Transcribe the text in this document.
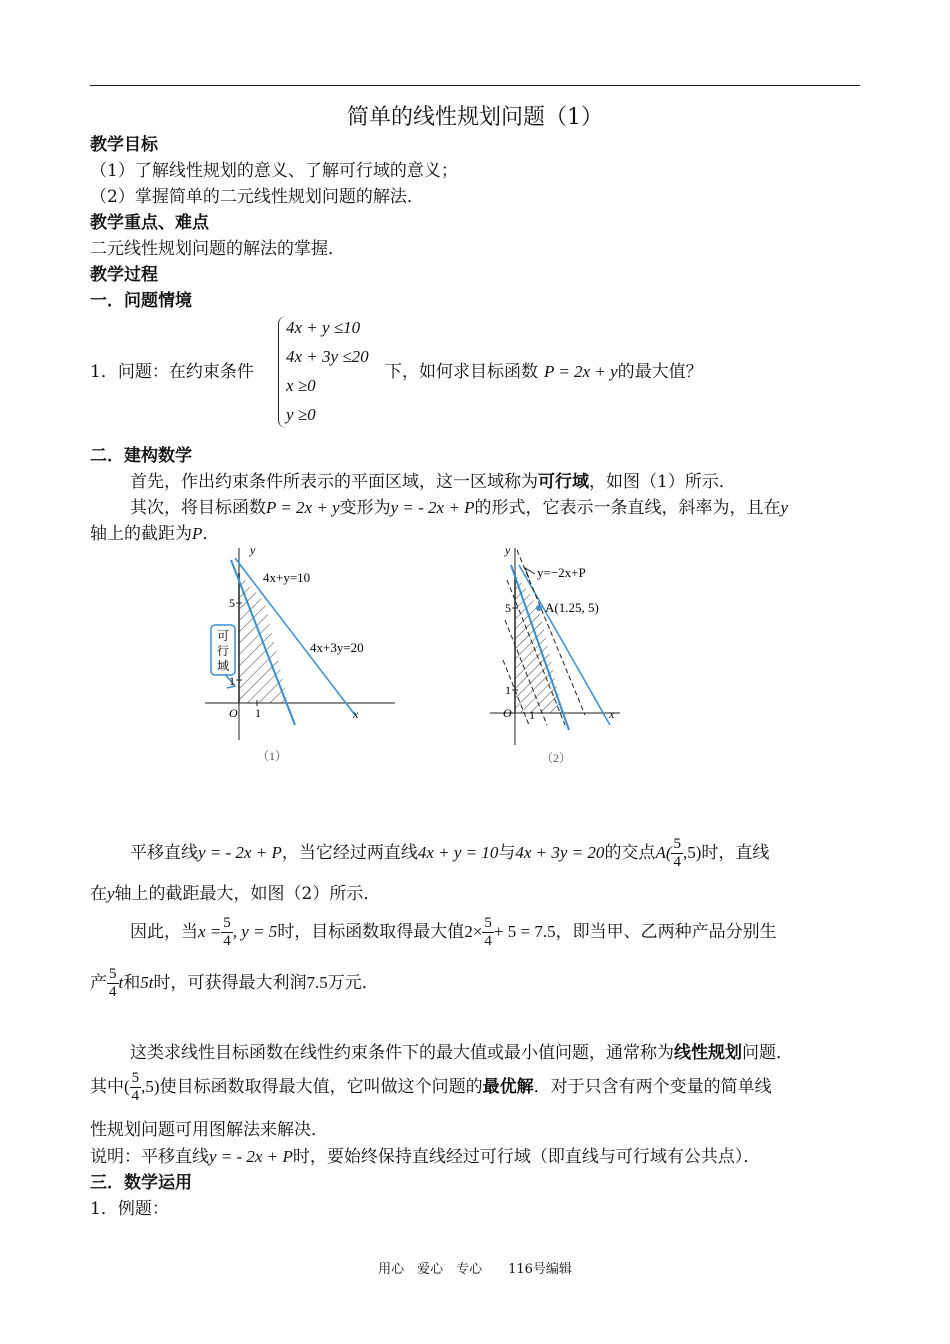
简单的线性规划问题（1）
教学目标
（1）了解线性规划的意义、了解可行域的意义；
（2）掌握简单的二元线性规划问题的解法．
教学重点、难点
二元线性规划问题的解法的掌握．
教学过程
一．问题情境
1．问题：在约束条件
4x + y ≤10
4x + 3y ≤20
x ≥0
y ≥0
下，如何求目标函数 P = 2x + y的最大值？
二．建构数学
首先，作出约束条件所表示的平面区域，这一区域称为可行域，如图（1）所示．
其次，将目标函数P = 2x + y变形为y = - 2x + P的形式，它表示一条直线，斜率为，且在y
轴上的截距为P．
可
行
域
4x+y=10
4x+3y=20
y
x
O 1
5
1
（1）
y=−2x+P
A(1.25, 5)
y
x
O 1
5
1
（2）
平移直线y = - 2x + P，当它经过两直线4x + y = 10与4x + 3y = 20的交点$A( \frac{5}{4} ,5)$时，直线
在y轴上的截距最大，如图（2）所示．
因此，当$x = \frac{5}{4}$ , y = 5时，目标函数取得最大值$2\times \frac{5}{4} + 5 = 7.5$，即当甲、乙两种产品分别生
产 $\frac{5}{4}$ t和5t时，可获得最大利润7.5万元．
这类求线性目标函数在线性约束条件下的最大值或最小值问题，通常称为线性规划问题．
其中( $\frac{5}{4} ,5$)使目标函数取得最大值，它叫做这个问题的最优解．对于只含有两个变量的简单线
性规划问题可用图解法来解决．
说明：平移直线y = - 2x + P时，要始终保持直线经过可行域（即直线与可行域有公共点）．
三．数学运用
1．例题：
用心　爱心　专心　　116号编辑
